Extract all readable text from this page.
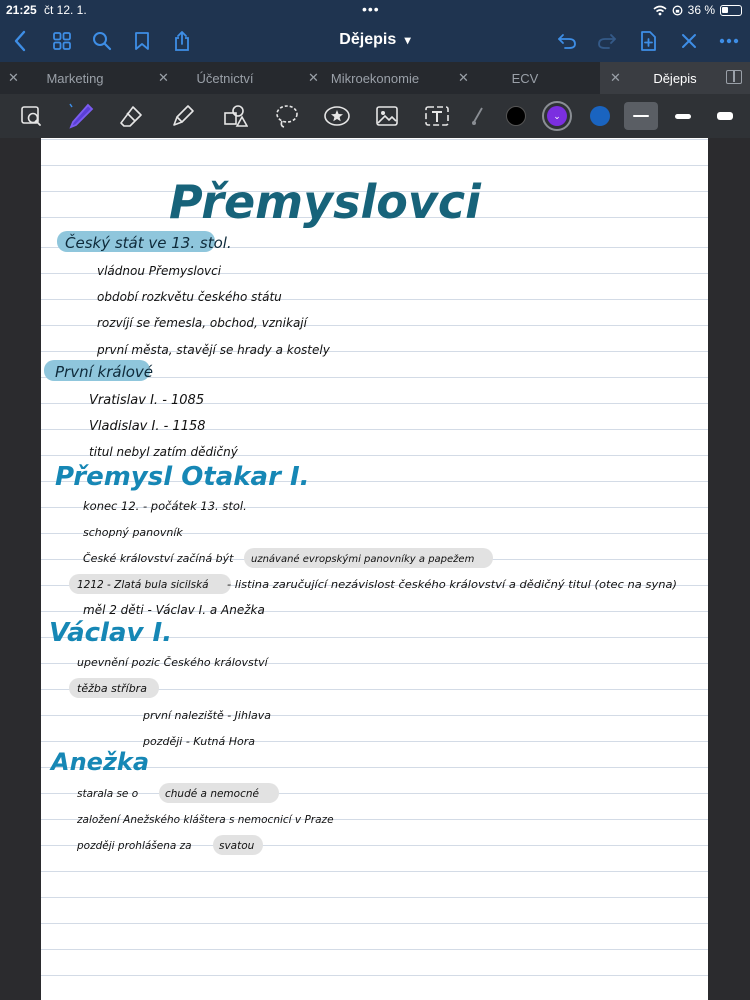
21:25 čt 12. 1.	•••	36 %
Dějepis ▾
✕	Marketing	✕	Účetnictví	✕ Mikroekonomie	✕	ECV	✕	Dějepis
⌄
Přemyslovci
Český stát ve 13. stol.
vládnou Přemyslovci
období rozkvětu českého státu
rozvíjí se řemesla, obchod, vznikají
první města, stavějí se hrady a kostely
První králové
Vratislav I. - 1085
Vladislav I. - 1158
titul nebyl zatím dědičný
Přemysl Otakar I.
konec 12. - počátek 13. stol.
schopný panovník
České království začíná být uznávané evropskými panovníky a papežem
1212 - Zlatá bula sicilská - listina zaručující nezávislost českého království a dědičný titul (otec na syna)
měl 2 děti - Václav I. a Anežka
Václav I.
upevnění pozic Českého království
těžba stříbra
první naleziště - Jihlava
později - Kutná Hora
Anežka
starala se o	chudé a nemocné
založení Anežského kláštera s nemocnicí v Praze
později prohlášena za	svatou
